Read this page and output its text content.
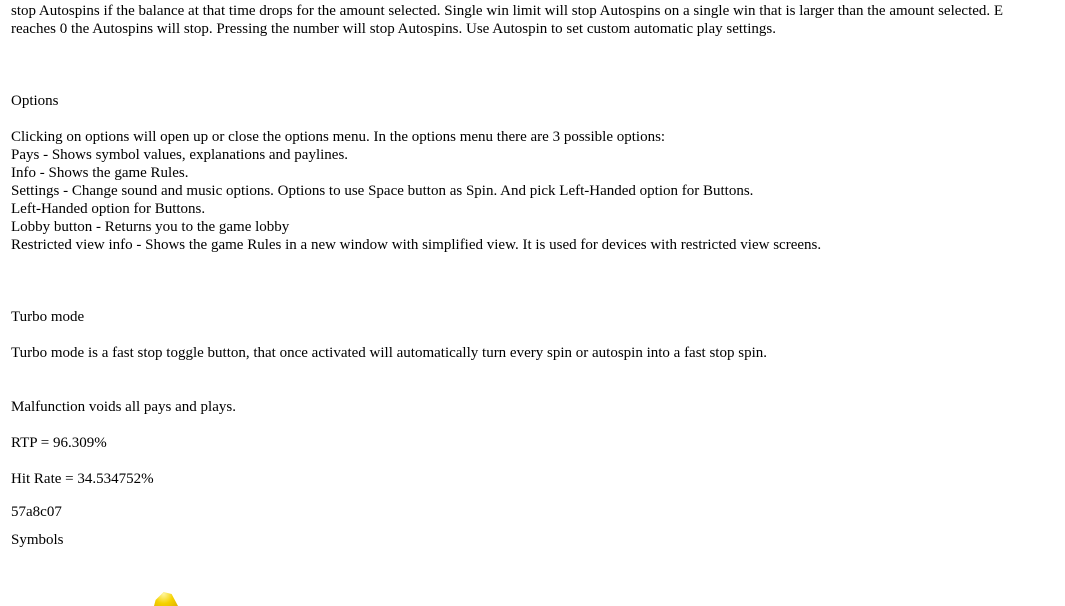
stop Autospins if the balance at that time drops for the amount selected. Single win limit will stop Autospins on a single win that is larger than the amount selected. E
reaches 0 the Autospins will stop. Pressing the number will stop Autospins. Use Autospin to set custom automatic play settings.
Options
Clicking on options will open up or close the options menu. In the options menu there are 3 possible options:
Pays - Shows symbol values, explanations and paylines.
Info - Shows the game Rules.
Settings - Change sound and music options. Options to use Space button as Spin. And pick Left-Handed option for Buttons.
Left-Handed option for Buttons.
Lobby button - Returns you to the game lobby
Restricted view info - Shows the game Rules in a new window with simplified view. It is used for devices with restricted view screens.
Turbo mode
Turbo mode is a fast stop toggle button, that once activated will automatically turn every spin or autospin into a fast stop spin.
Malfunction voids all pays and plays.
RTP = 96.309%
Hit Rate = 34.534752%
57a8c07
Symbols
